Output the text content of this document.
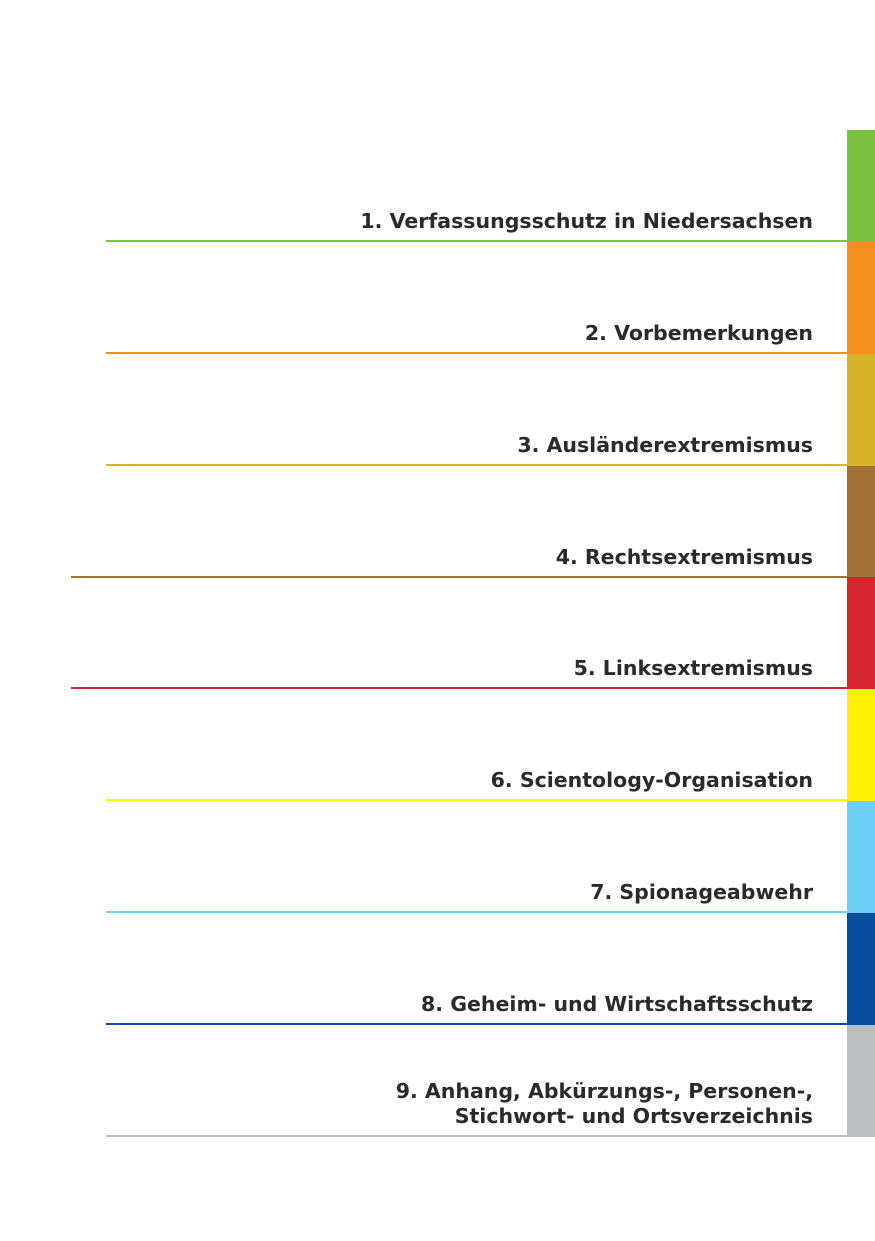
1. Verfassungsschutz in Niedersachsen
2. Vorbemerkungen
3. Ausländerextremismus
4. Rechtsextremismus
5. Linksextremismus
6. Scientology-Organisation
7. Spionageabwehr
8. Geheim- und Wirtschaftsschutz
9. Anhang, Abkürzungs-, Personen-,
Stichwort- und Ortsverzeichnis
